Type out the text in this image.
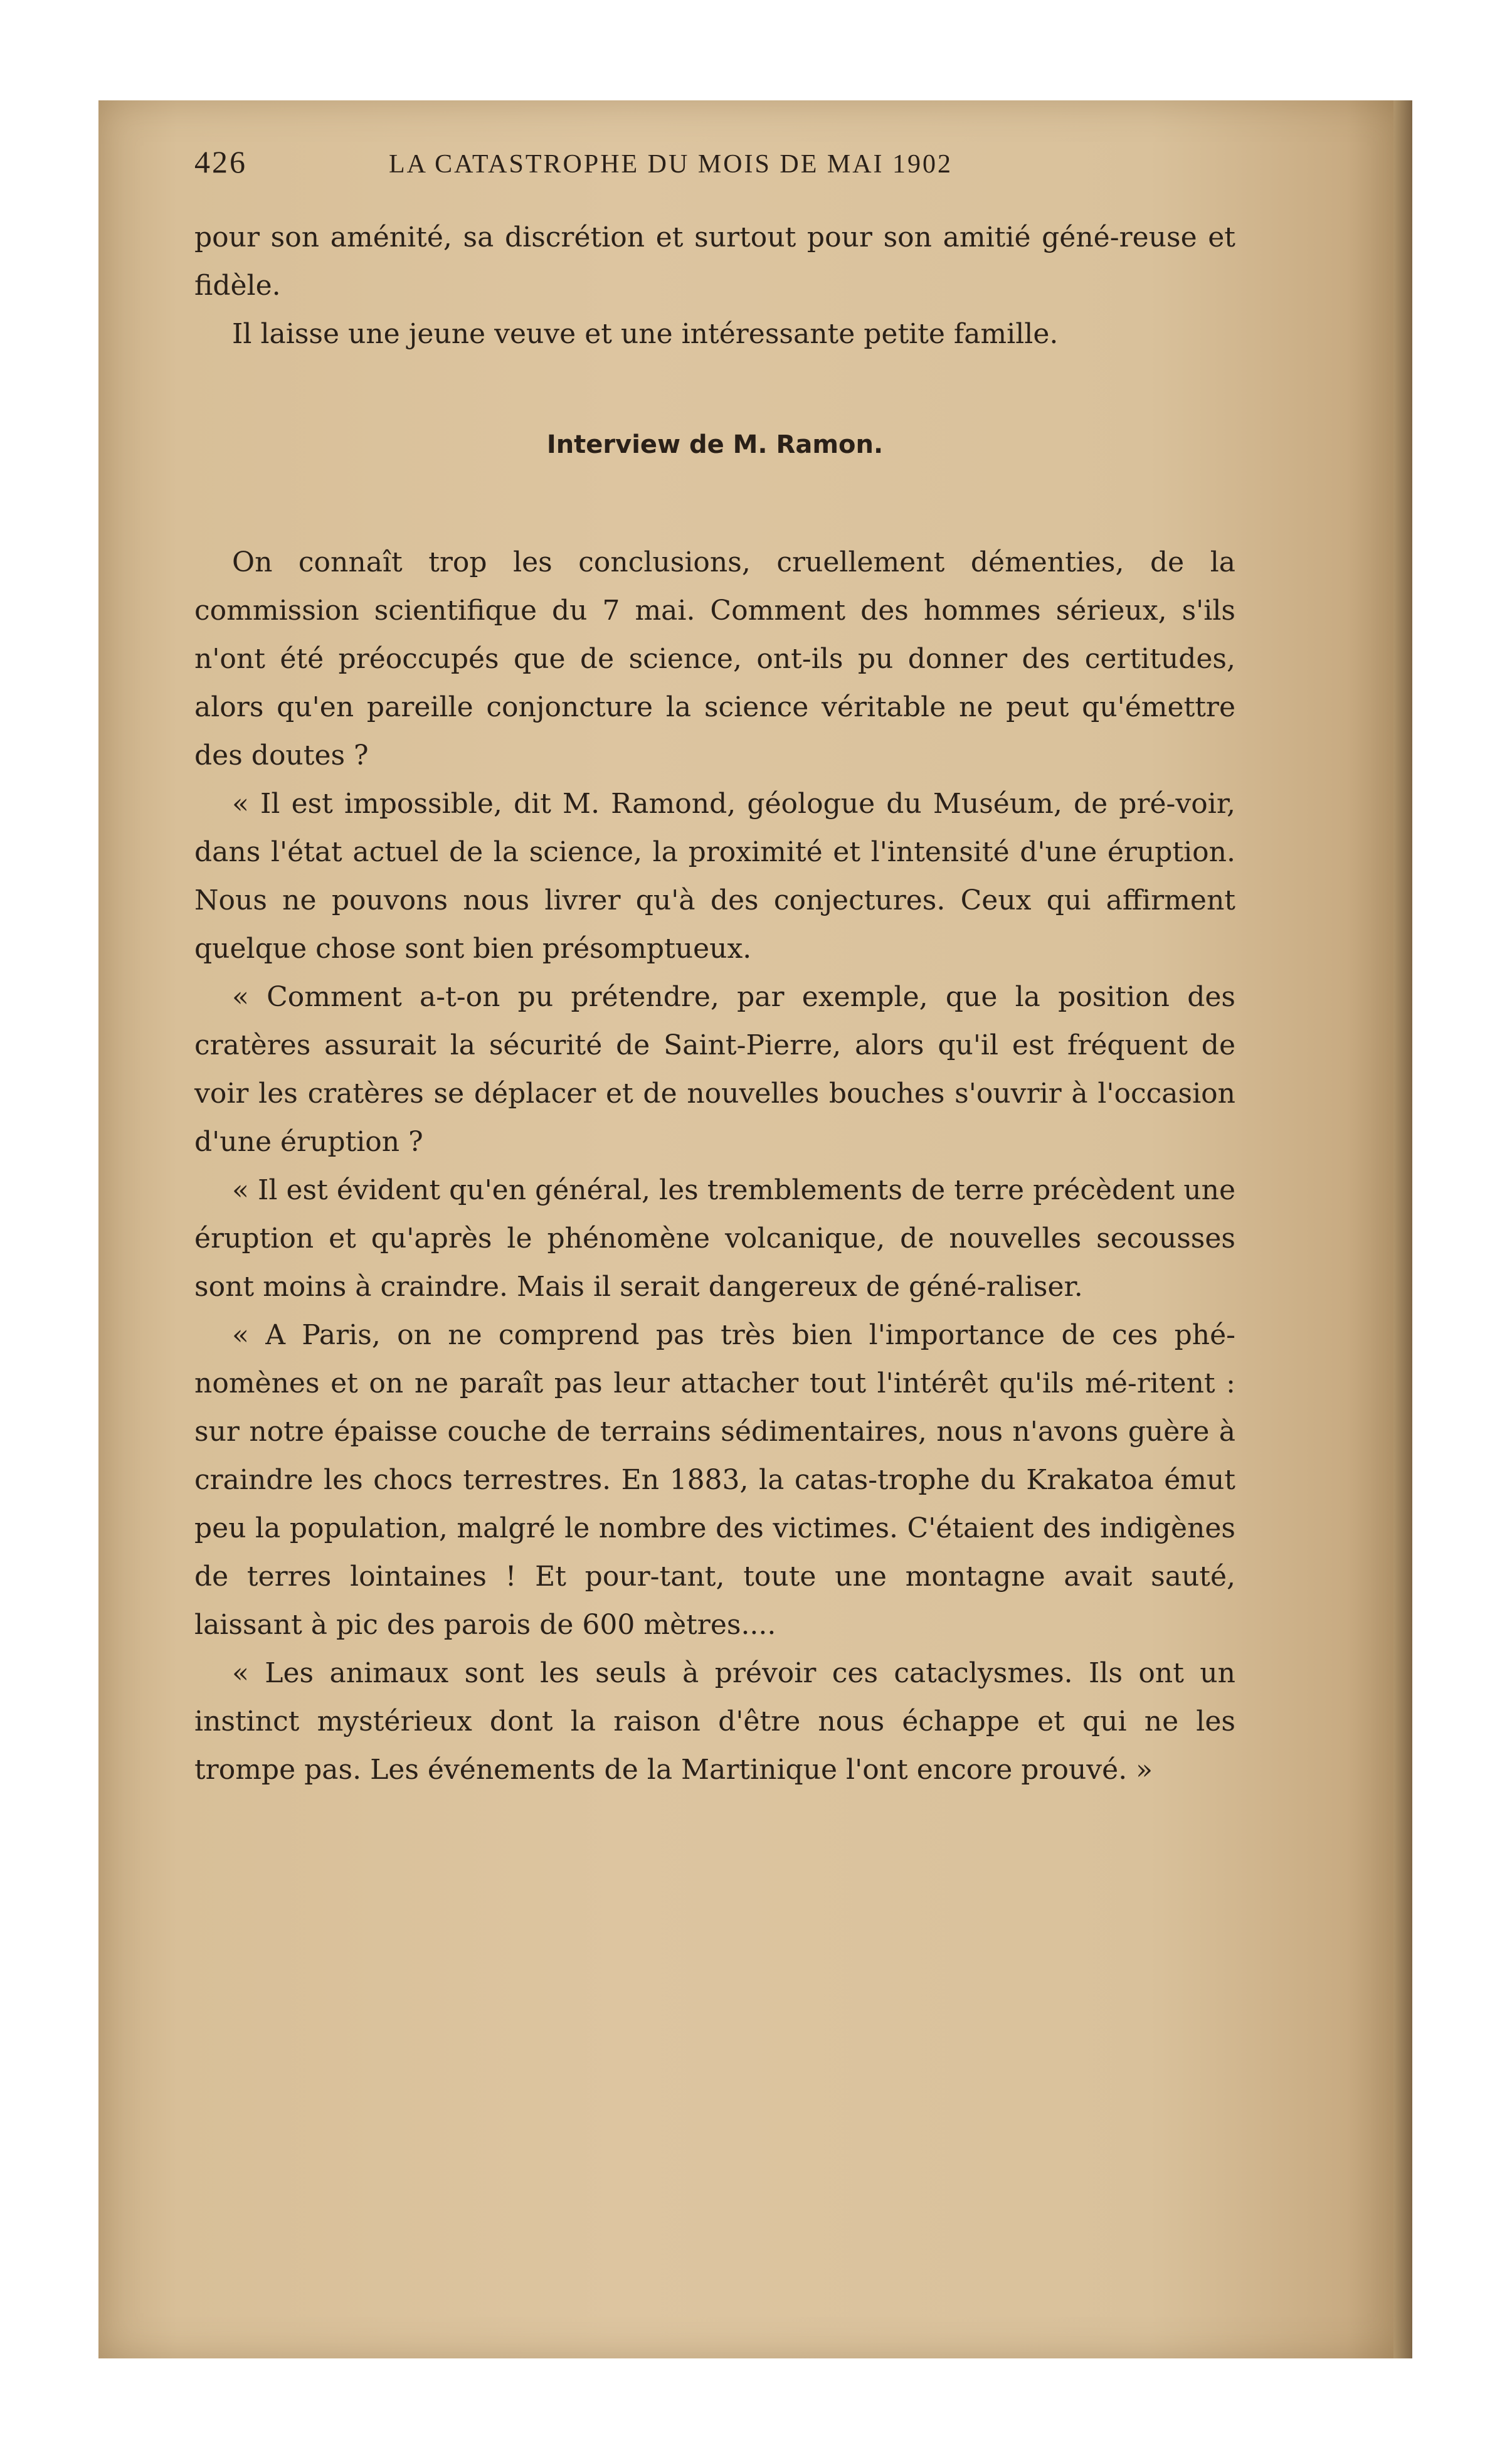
426	LA CATASTROPHE DU MOIS DE MAI 1902

pour son aménité, sa discrétion et surtout pour son amitié géné-reuse et fidèle.

Il laisse une jeune veuve et une intéressante petite famille.

Interview de M. Ramon.

On connaît trop les conclusions, cruellement démenties, de la commission scientifique du 7 mai. Comment des hommes sérieux, s'ils n'ont été préoccupés que de science, ont-ils pu donner des certitudes, alors qu'en pareille conjoncture la science véritable ne peut qu'émettre des doutes ?

« Il est impossible, dit M. Ramond, géologue du Muséum, de pré-voir, dans l'état actuel de la science, la proximité et l'intensité d'une éruption. Nous ne pouvons nous livrer qu'à des conjectures. Ceux qui affirment quelque chose sont bien présomptueux.

« Comment a-t-on pu prétendre, par exemple, que la position des cratères assurait la sécurité de Saint-Pierre, alors qu'il est fréquent de voir les cratères se déplacer et de nouvelles bouches s'ouvrir à l'occasion d'une éruption ?

« Il est évident qu'en général, les tremblements de terre précèdent une éruption et qu'après le phénomène volcanique, de nouvelles secousses sont moins à craindre. Mais il serait dangereux de géné-raliser.

« A Paris, on ne comprend pas très bien l'importance de ces phé-nomènes et on ne paraît pas leur attacher tout l'intérêt qu'ils mé-ritent : sur notre épaisse couche de terrains sédimentaires, nous n'avons guère à craindre les chocs terrestres. En 1883, la catas-trophe du Krakatoa émut peu la population, malgré le nombre des victimes. C'étaient des indigènes de terres lointaines ! Et pour-tant, toute une montagne avait sauté, laissant à pic des parois de 600 mètres....

« Les animaux sont les seuls à prévoir ces cataclysmes. Ils ont un instinct mystérieux dont la raison d'être nous échappe et qui ne les trompe pas. Les événements de la Martinique l'ont encore prouvé. »
